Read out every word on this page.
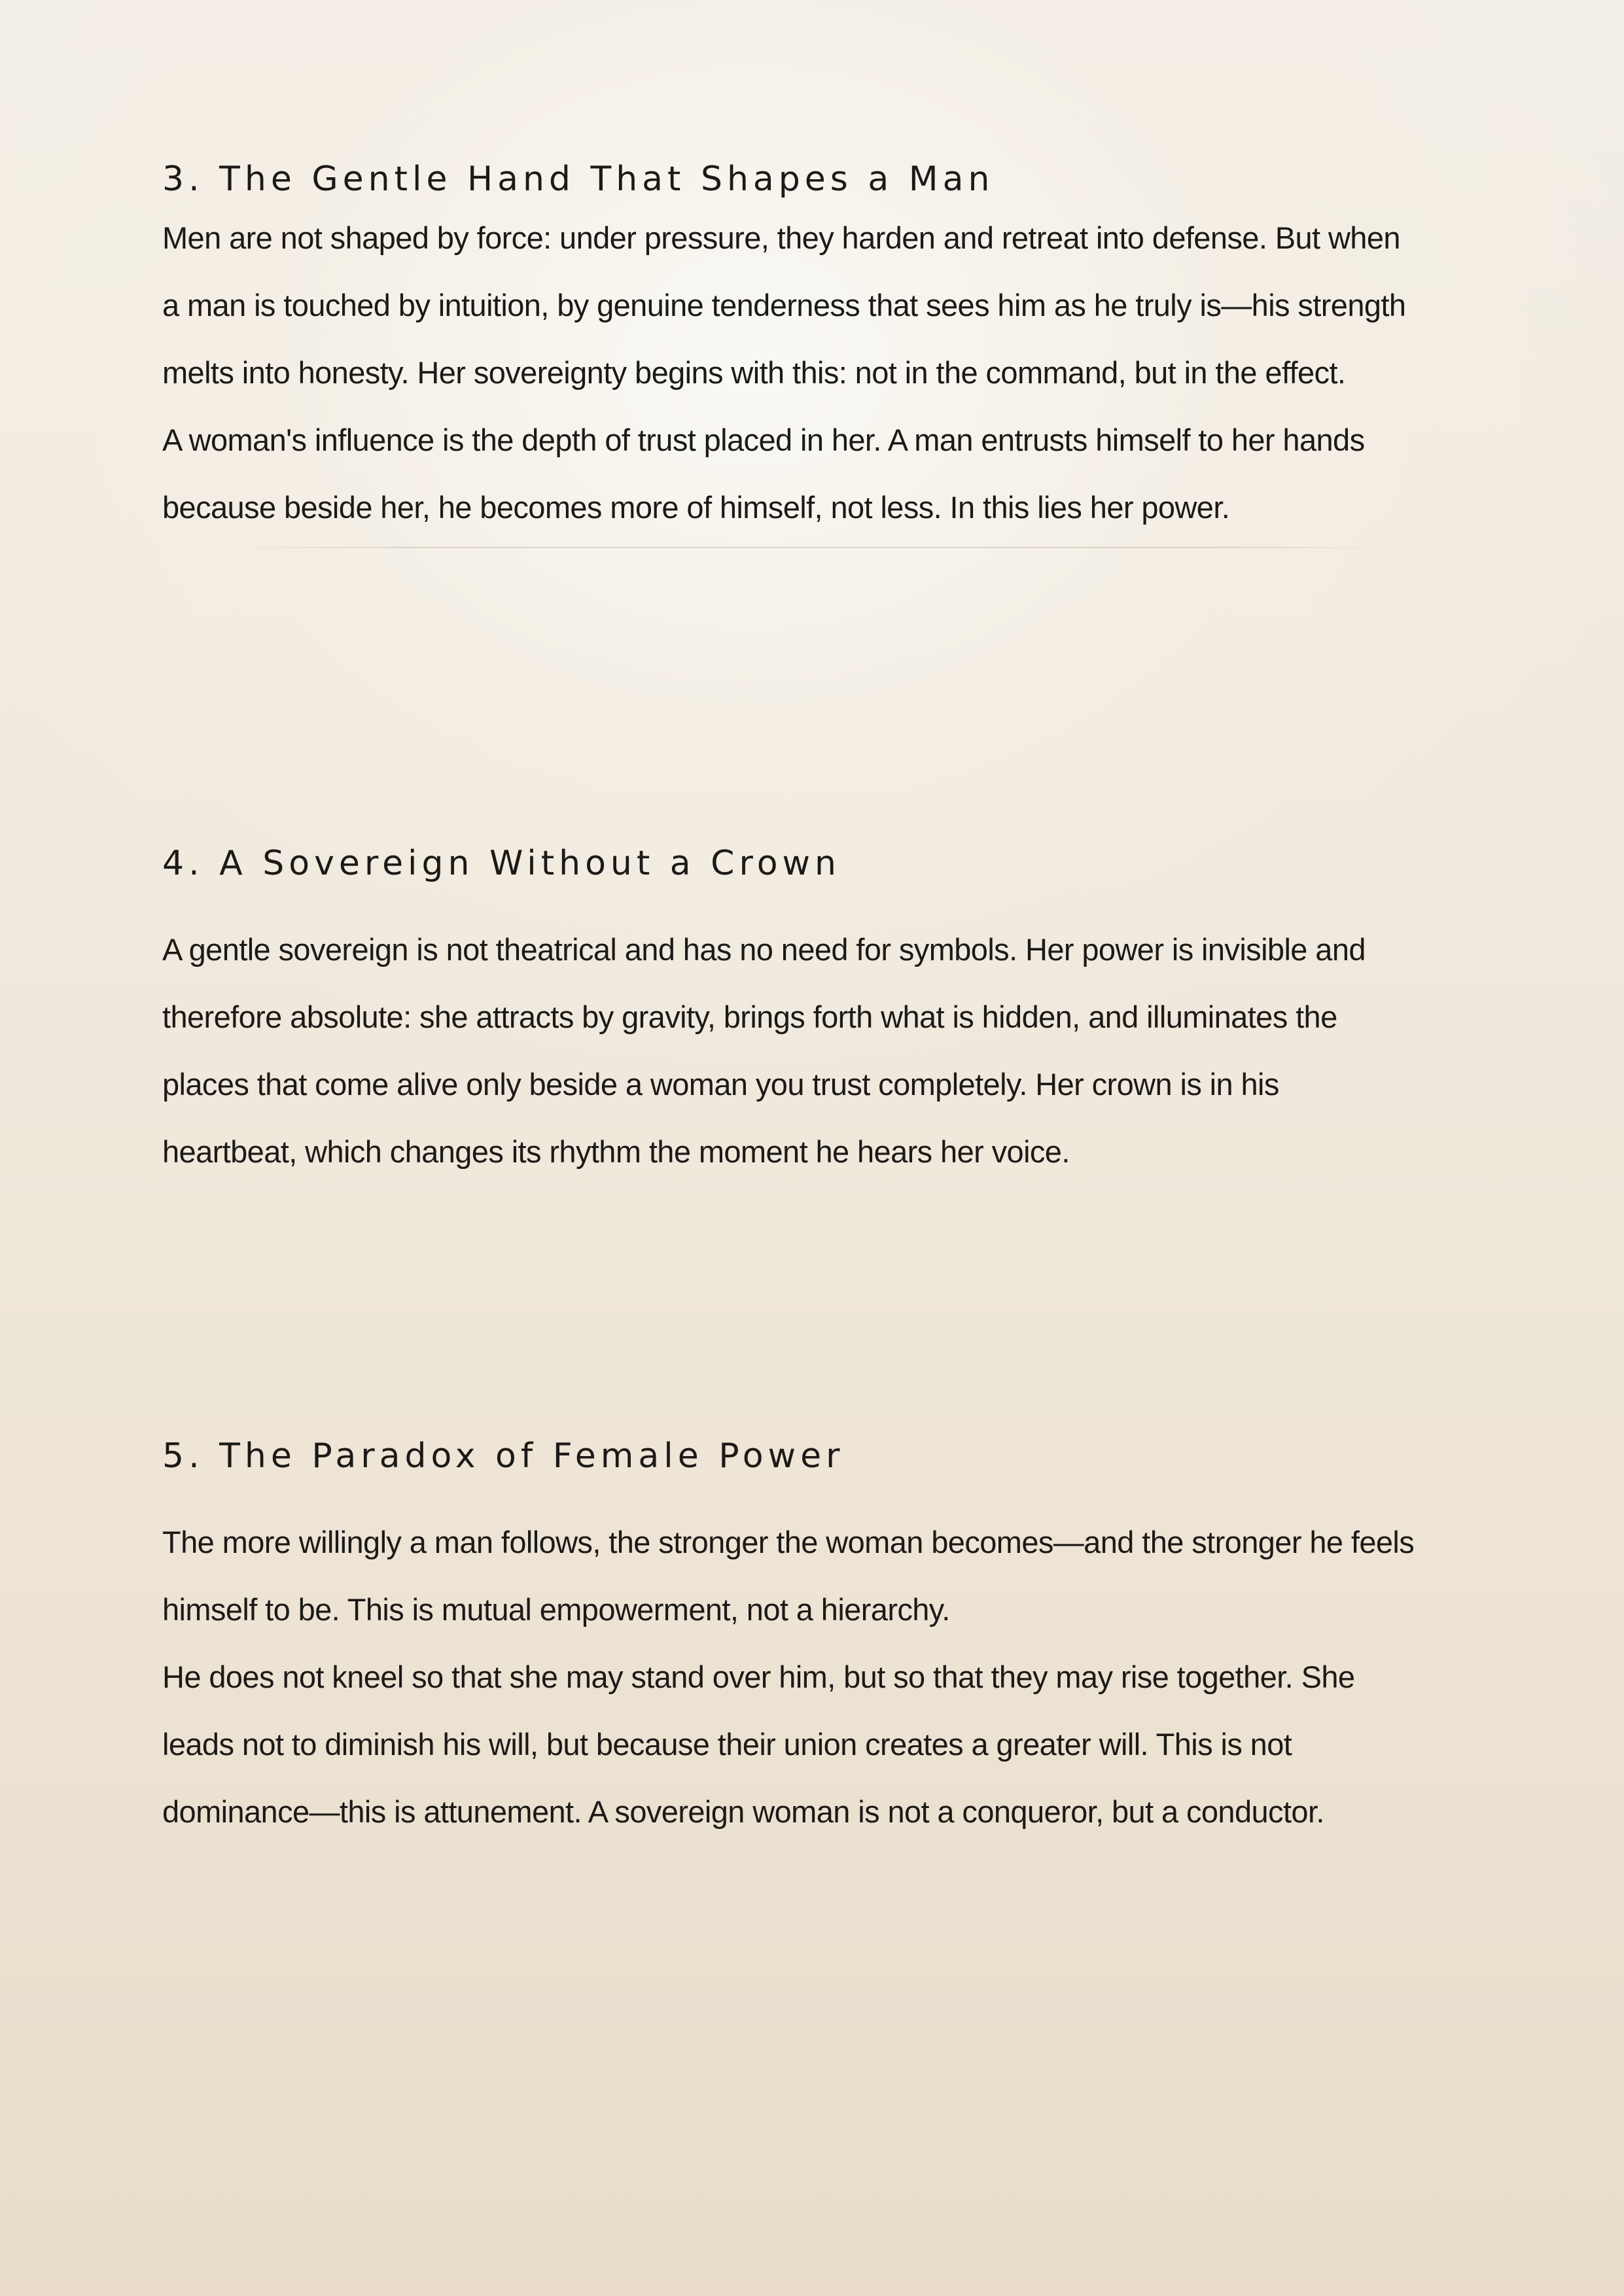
3. The Gentle Hand That Shapes a Man

Men are not shaped by force: under pressure, they harden and retreat into defense. But when
a man is touched by intuition, by genuine tenderness that sees him as he truly is—his strength
melts into honesty. Her sovereignty begins with this: not in the command, but in the effect.
A woman's influence is the depth of trust placed in her. A man entrusts himself to her hands
because beside her, he becomes more of himself, not less. In this lies her power.

4. A Sovereign Without a Crown

A gentle sovereign is not theatrical and has no need for symbols. Her power is invisible and
therefore absolute: she attracts by gravity, brings forth what is hidden, and illuminates the
places that come alive only beside a woman you trust completely. Her crown is in his
heartbeat, which changes its rhythm the moment he hears her voice.

5. The Paradox of Female Power

The more willingly a man follows, the stronger the woman becomes—and the stronger he feels
himself to be. This is mutual empowerment, not a hierarchy.
He does not kneel so that she may stand over him, but so that they may rise together. She
leads not to diminish his will, but because their union creates a greater will. This is not
dominance—this is attunement. A sovereign woman is not a conqueror, but a conductor.
